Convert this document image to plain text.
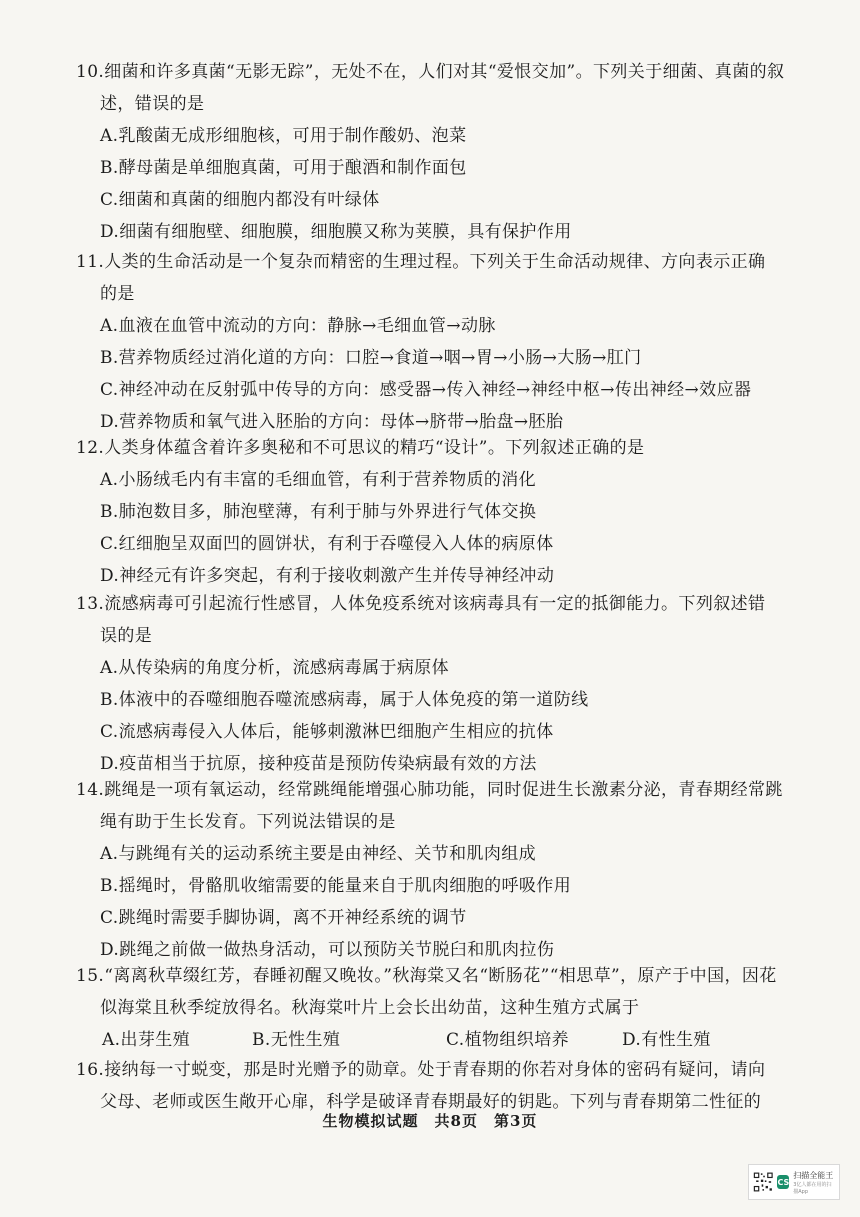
10.细菌和许多真菌“无影无踪”，无处不在，人们对其“爱恨交加”。下列关于细菌、真菌的叙
述，错误的是
A.乳酸菌无成形细胞核，可用于制作酸奶、泡菜
B.酵母菌是单细胞真菌，可用于酿酒和制作面包
C.细菌和真菌的细胞内都没有叶绿体
D.细菌有细胞壁、细胞膜，细胞膜又称为荚膜，具有保护作用
11.人类的生命活动是一个复杂而精密的生理过程。下列关于生命活动规律、方向表示正确
的是
A.血液在血管中流动的方向：静脉→毛细血管→动脉
B.营养物质经过消化道的方向：口腔→食道→咽→胃→小肠→大肠→肛门
C.神经冲动在反射弧中传导的方向：感受器→传入神经→神经中枢→传出神经→效应器
D.营养物质和氧气进入胚胎的方向：母体→脐带→胎盘→胚胎
12.人类身体蕴含着许多奥秘和不可思议的精巧“设计”。下列叙述正确的是
A.小肠绒毛内有丰富的毛细血管，有利于营养物质的消化
B.肺泡数目多，肺泡壁薄，有利于肺与外界进行气体交换
C.红细胞呈双面凹的圆饼状，有利于吞噬侵入人体的病原体
D.神经元有许多突起，有利于接收刺激产生并传导神经冲动
13.流感病毒可引起流行性感冒，人体免疫系统对该病毒具有一定的抵御能力。下列叙述错
误的是
A.从传染病的角度分析，流感病毒属于病原体
B.体液中的吞噬细胞吞噬流感病毒，属于人体免疫的第一道防线
C.流感病毒侵入人体后，能够刺激淋巴细胞产生相应的抗体
D.疫苗相当于抗原，接种疫苗是预防传染病最有效的方法
14.跳绳是一项有氧运动，经常跳绳能增强心肺功能，同时促进生长激素分泌，青春期经常跳
绳有助于生长发育。下列说法错误的是
A.与跳绳有关的运动系统主要是由神经、关节和肌肉组成
B.摇绳时，骨骼肌收缩需要的能量来自于肌肉细胞的呼吸作用
C.跳绳时需要手脚协调，离不开神经系统的调节
D.跳绳之前做一做热身活动，可以预防关节脱臼和肌肉拉伤
15.“离离秋草缀红芳，春睡初醒又晚妆。”秋海棠又名“断肠花”“相思草”，原产于中国，因花
似海棠且秋季绽放得名。秋海棠叶片上会长出幼苗，这种生殖方式属于
A.出芽生殖	B.无性生殖	C.植物组织培养	D.有性生殖
16.接纳每一寸蜕变，那是时光赠予的勋章。处于青春期的你若对身体的密码有疑问，请向
父母、老师或医生敞开心扉，科学是破译青春期最好的钥匙。下列与青春期第二性征的
生物模拟试题　共8页　第3页
CS
扫描全能王
3亿人都在用的扫描App
